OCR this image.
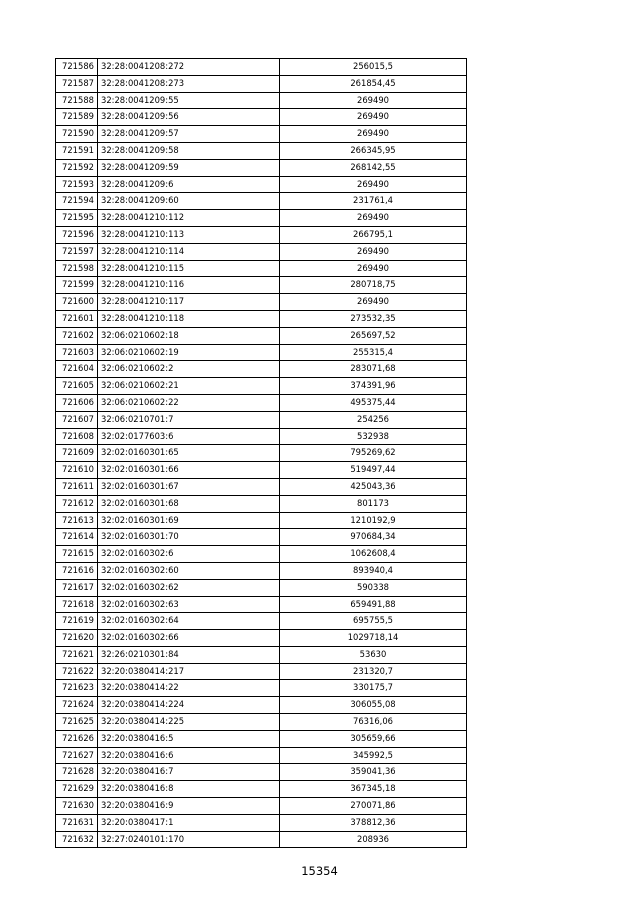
721586	32:28:0041208:272	256015,5
721587	32:28:0041208:273	261854,45
721588	32:28:0041209:55	269490
721589	32:28:0041209:56	269490
721590	32:28:0041209:57	269490
721591	32:28:0041209:58	266345,95
721592	32:28:0041209:59	268142,55
721593	32:28:0041209:6	269490
721594	32:28:0041209:60	231761,4
721595	32:28:0041210:112	269490
721596	32:28:0041210:113	266795,1
721597	32:28:0041210:114	269490
721598	32:28:0041210:115	269490
721599	32:28:0041210:116	280718,75
721600	32:28:0041210:117	269490
721601	32:28:0041210:118	273532,35
721602	32:06:0210602:18	265697,52
721603	32:06:0210602:19	255315,4
721604	32:06:0210602:2	283071,68
721605	32:06:0210602:21	374391,96
721606	32:06:0210602:22	495375,44
721607	32:06:0210701:7	254256
721608	32:02:0177603:6	532938
721609	32:02:0160301:65	795269,62
721610	32:02:0160301:66	519497,44
721611	32:02:0160301:67	425043,36
721612	32:02:0160301:68	801173
721613	32:02:0160301:69	1210192,9
721614	32:02:0160301:70	970684,34
721615	32:02:0160302:6	1062608,4
721616	32:02:0160302:60	893940,4
721617	32:02:0160302:62	590338
721618	32:02:0160302:63	659491,88
721619	32:02:0160302:64	695755,5
721620	32:02:0160302:66	1029718,14
721621	32:26:0210301:84	53630
721622	32:20:0380414:217	231320,7
721623	32:20:0380414:22	330175,7
721624	32:20:0380414:224	306055,08
721625	32:20:0380414:225	76316,06
721626	32:20:0380416:5	305659,66
721627	32:20:0380416:6	345992,5
721628	32:20:0380416:7	359041,36
721629	32:20:0380416:8	367345,18
721630	32:20:0380416:9	270071,86
721631	32:20:0380417:1	378812,36
721632	32:27:0240101:170	208936
15354
